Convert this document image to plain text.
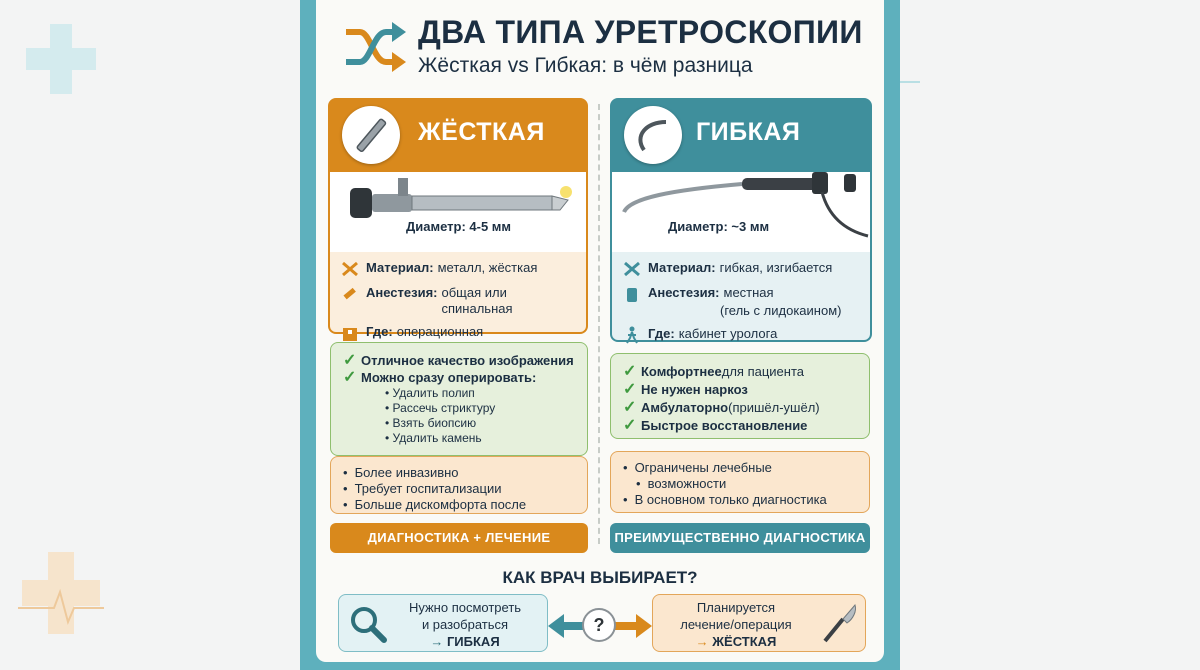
ДВА ТИПА УРЕТРОСКОПИИ
Жёсткая vs Гибкая: в чём разница
ЖЁСТКАЯ
Диаметр: 4-5 мм
Материал: металл, жёсткая
Анестезия: общая или спинальная
Где: операционная
ГИБКАЯ
Диаметр: ~3 мм
Материал: гибкая, изгибается
Анестезия: местная
(гель с лидокаином)
Где: кабинет уролога
✓ Отличное качество изображения
✓ Можно сразу оперировать:
• Удалить полип
• Рассечь стриктуру
• Взять биопсию
• Удалить камень
✓ Комфортнее для пациента
✓ Не нужен наркоз
✓ Амбулаторно (пришёл-ушёл)
✓ Быстрое восстановление
• Более инвазивно
• Требует госпитализации
• Больше дискомфорта после
• Ограничены лечебные
• возможности
• В основном только диагностика
ДИАГНОСТИКА + ЛЕЧЕНИЕ	ПРЕИМУЩЕСТВЕННО ДИАГНОСТИКА
КАК ВРАЧ ВЫБИРАЕТ?
Нужно посмотреть
и разобраться
→ ГИБКАЯ
?
Планируется
лечение/операция
→ ЖЁСТКАЯ
